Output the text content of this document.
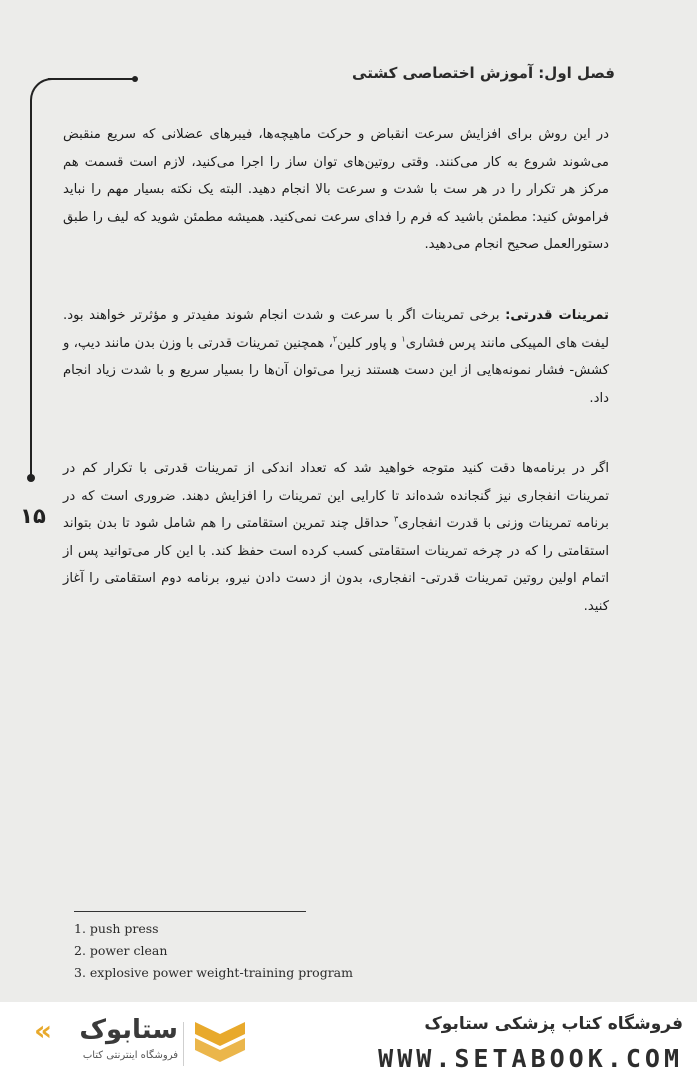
فصل اول: آموزش اختصاصی کشتی
۱۵

در این روش برای افزایش سرعت انقباض و حرکت ماهیچه‌ها، فیبرهای عضلانی که سریع منقبض می‌شوند شروع به کار می‌کنند. وقتی روتین‌های توان ساز را اجرا می‌کنید، لازم است قسمت هم مرکز هر تکرار را در هر ست با شدت و سرعت بالا انجام دهید. البته یک نکته بسیار مهم را نباید فراموش کنید: مطمئن باشید که فرم را فدای سرعت نمی‌کنید. همیشه مطمئن شوید که لیف را طبق دستورالعمل صحیح انجام می‌دهید.

تمرینات قدرتی: برخی تمرینات اگر با سرعت و شدت انجام شوند مفیدتر و مؤثرتر خواهند بود. لیفت های المپیکی مانند پرس فشاری$^۱$ و پاور کلین$^۲$، همچنین تمرینات قدرتی با وزن بدن مانند دیپ، و کشش- فشار نمونه‌هایی از این دست هستند زیرا می‌توان آن‌ها را بسیار سریع و با شدت زیاد انجام داد.

اگر در برنامه‌ها دقت کنید متوجه خواهید شد که تعداد اندکی از تمرینات قدرتی با تکرار کم در تمرینات انفجاری نیز گنجانده شده‌اند تا کارایی این تمرینات را افزایش دهند. ضروری است که در برنامه تمرینات وزنی با قدرت انفجاری$^۳$ حداقل چند تمرین استقامتی را هم شامل شود تا بدن بتواند استقامتی را که در چرخه تمرینات استقامتی کسب کرده است حفظ کند. با این کار می‌توانید پس از اتمام اولین روتین تمرینات قدرتی- انفجاری، بدون از دست دادن نیرو، برنامه دوم استقامتی را آغاز کنید.

1. push press
2. power clean
3. explosive power weight-training program
«	ستابوک
فروشگاه اینترنتی کتاب
فروشگاه کتاب پزشکی ستابوک
WWW.SETABOOK.COM
